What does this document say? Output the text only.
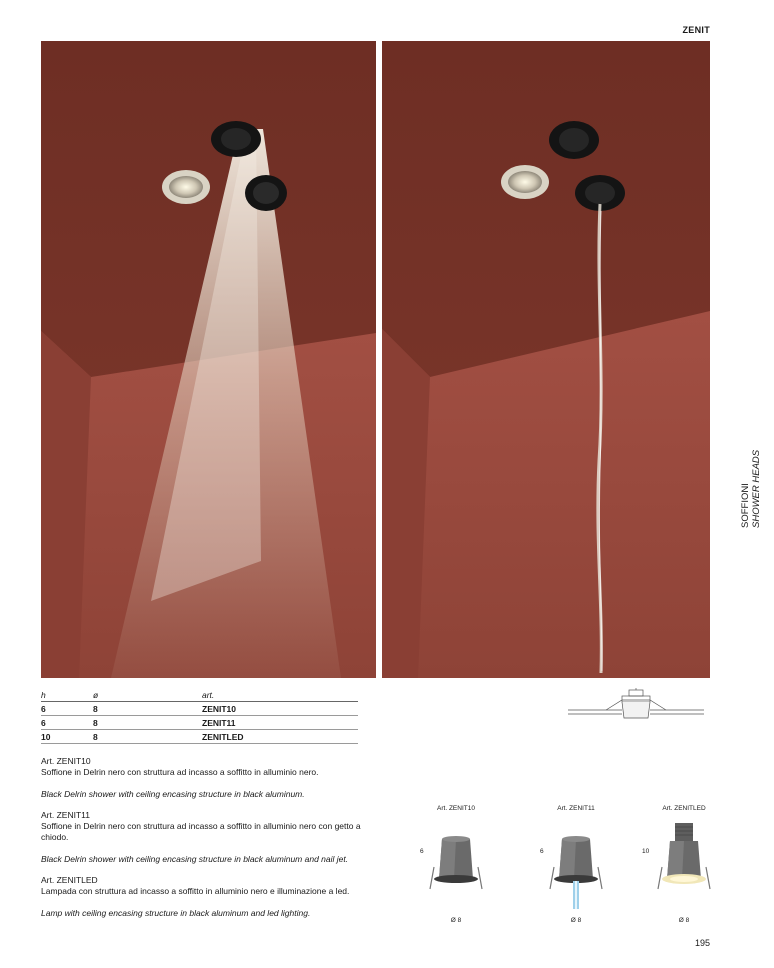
ZENIT
SOFFIONI SHOWER HEADS
h	ø	art.
6	8	ZENIT10
6	8	ZENIT11
10	8	ZENITLED

Art. ZENIT10

Soffione in Delrin nero con struttura ad incasso a soffitto in alluminio nero.

Black Delrin shower with ceiling encasing structure in black aluminum.

Art. ZENIT11

Soffione in Delrin nero con struttura ad incasso a soffitto in alluminio nero con getto a chiodo.

Black Delrin shower with ceiling encasing structure in black aluminum and nail jet.

Art. ZENITLED

Lampada con struttura ad incasso a soffitto in alluminio nero e illuminazione a led.

Lamp with ceiling encasing structure in black aluminum and led lighting.

Art. ZENIT10
6
Ø 8
Art. ZENIT11
6
Ø 8
Art. ZENITLED
10
Ø 8
195
